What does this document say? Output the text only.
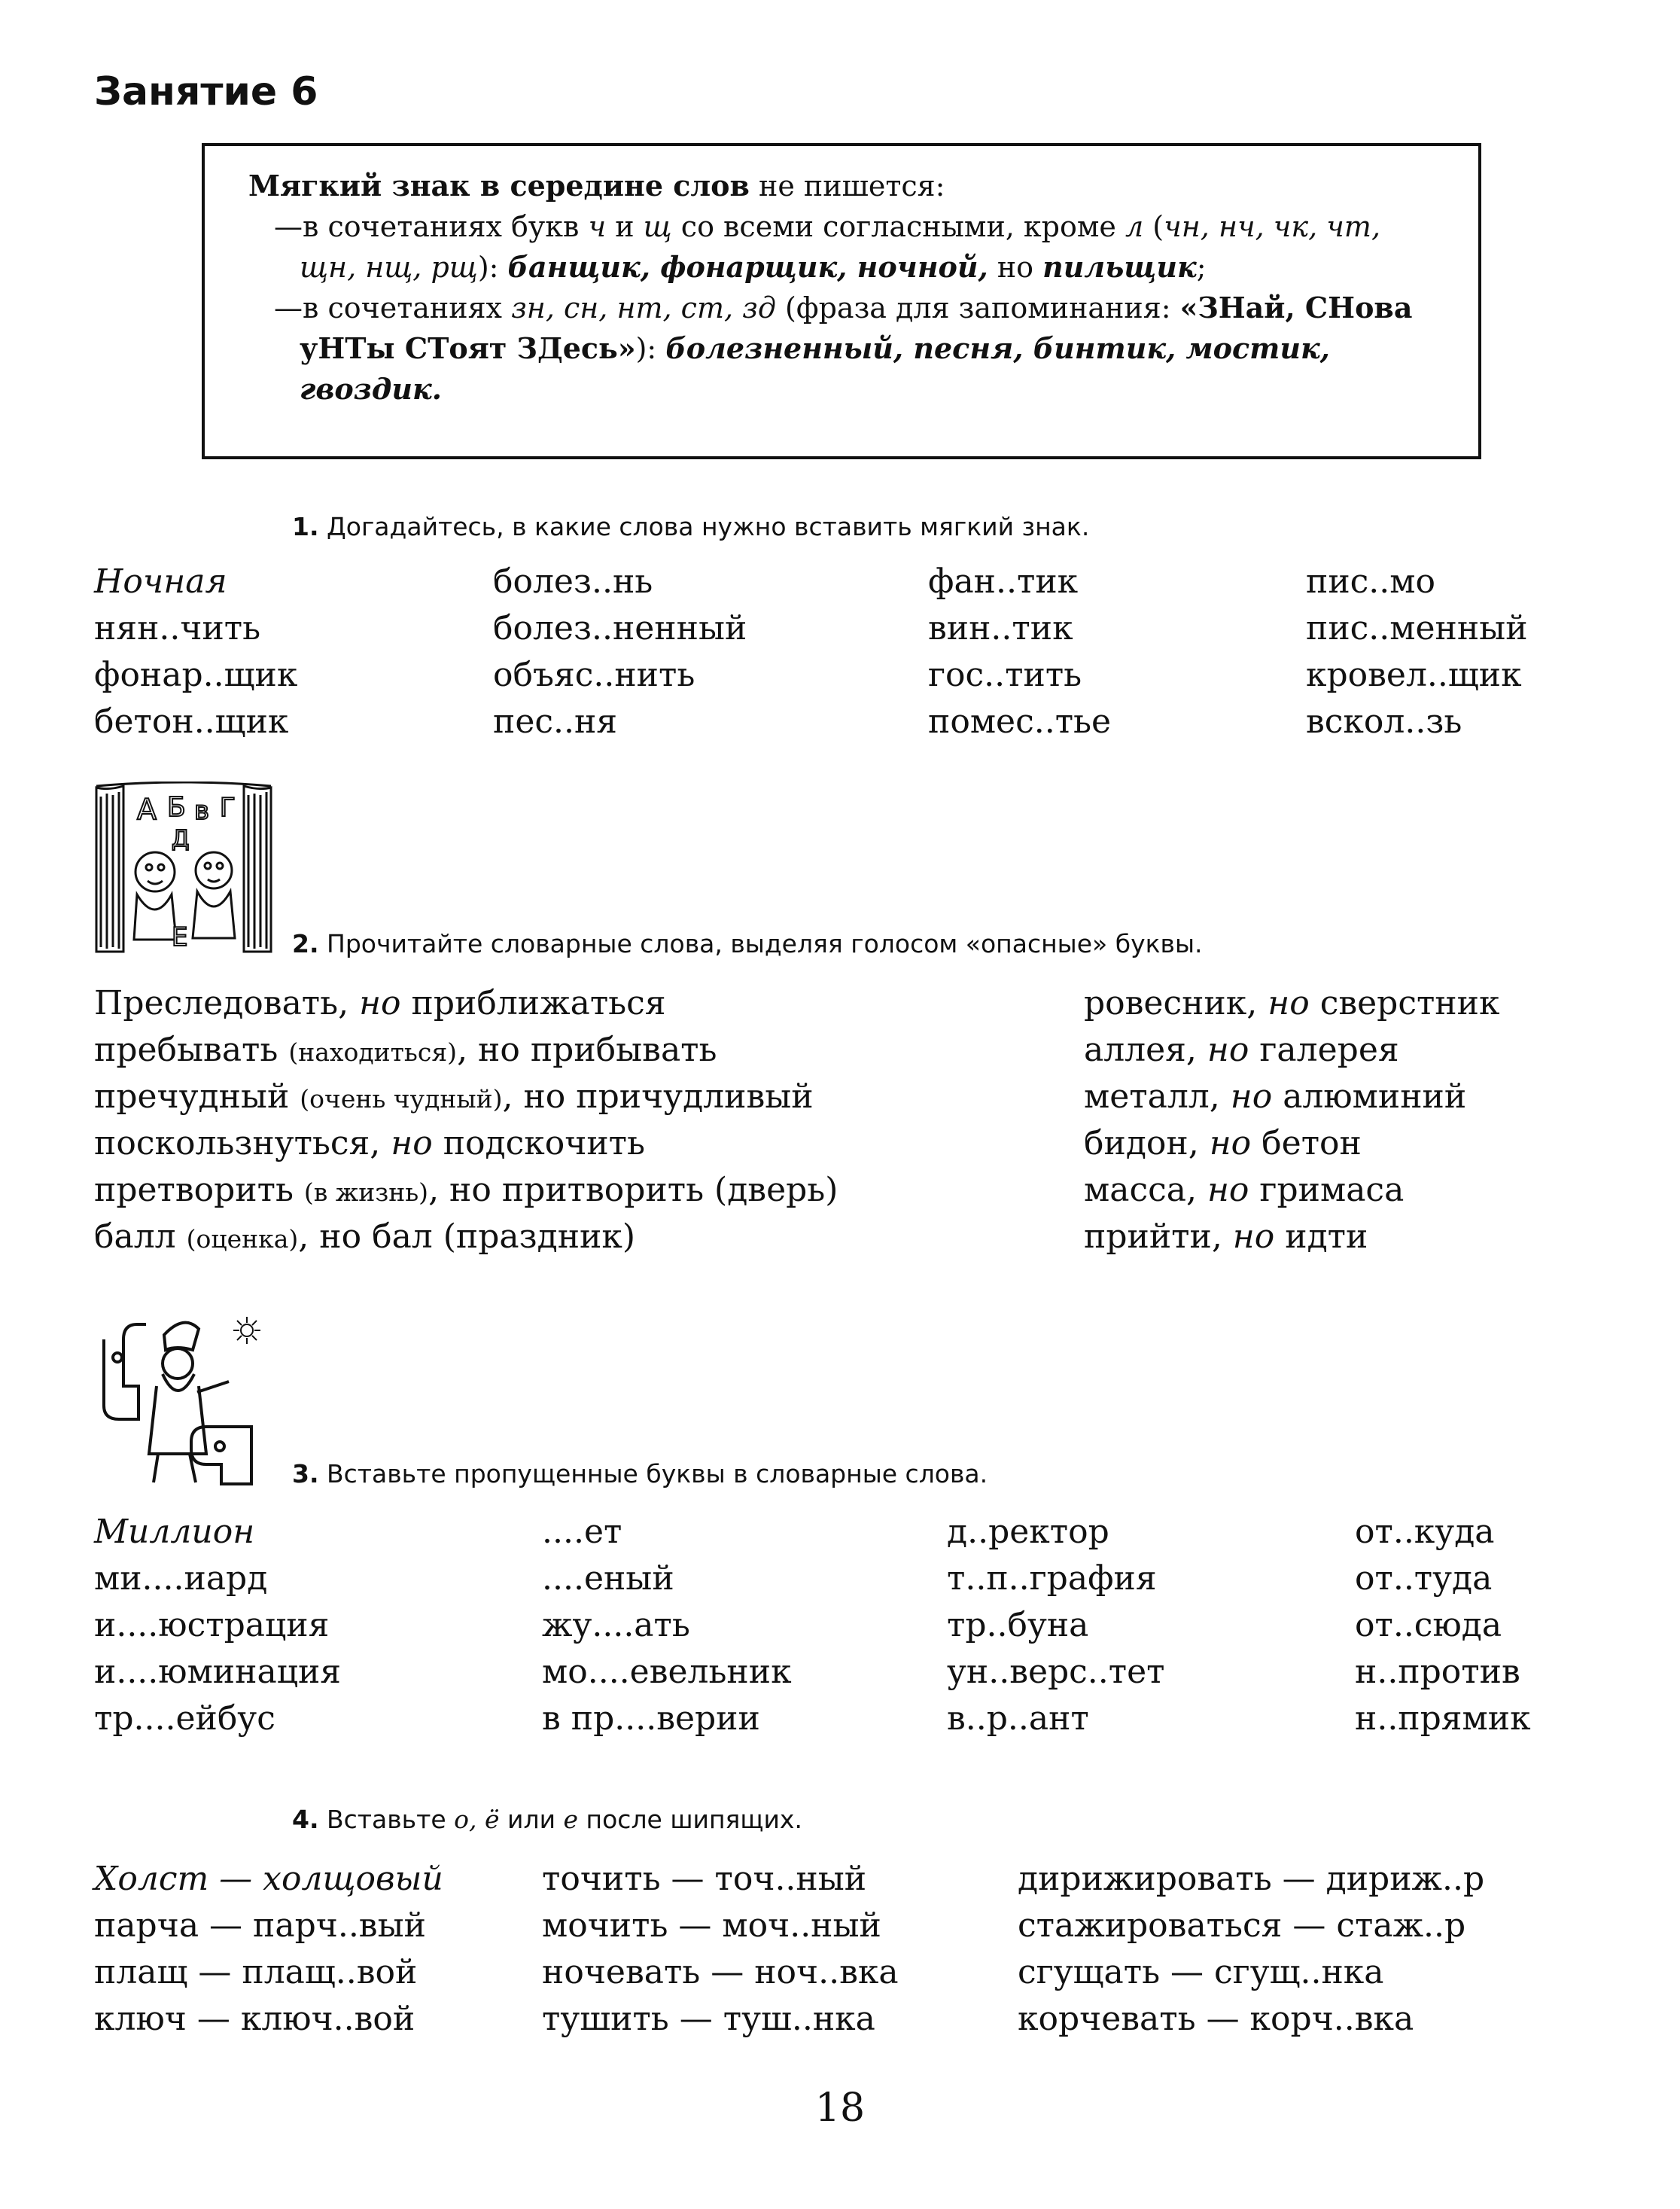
Занятие 6
Мягкий знак в середине слов не пишется:
—в сочетаниях букв ч и щ со всеми согласными, кроме л (чн, нч, чк, чт, щн, нщ, рщ): банщик, фонарщик, ночной, но пильщик;
—в сочетаниях зн, сн, нт, ст, зд (фраза для запоминания: «ЗНай, СНова уНТы СТоят ЗДесь»): болезненный, песня, бинтик, мостик, гвоздик.
1. Догадайтесь, в какие слова нужно вставить мягкий знак.
Ночная
нян..чить
фонар..щик
бетон..щик
болез..нь
болез..ненный
объяс..нить
пес..ня
фан..тик
вин..тик
гос..тить
помес..тье
пис..мо
пис..менный
кровел..щик
вскол..зь
А Б в Г
Д
Е	2. Прочитайте словарные слова, выделяя голосом «опасные» буквы.
Преследовать, но приближаться
пребывать (находиться), но прибывать
пречудный (очень чудный), но причудливый
поскользнуться, но подскочить
претворить (в жизнь), но притворить (дверь)
балл (оценка), но бал (праздник)
ровесник, но сверстник
аллея, но галерея
металл, но алюминий
бидон, но бетон
масса, но гримаса
прийти, но идти
3. Вставьте пропущенные буквы в словарные слова.
Миллион
ми....иард
и....юстрация
и....юминация
тр....ейбус
....ет
....еный
жу....ать
мо....евельник
в пр....верии
д..ректор
т..п..графия
тр..буна
ун..верс..тет
в..р..ант
от..куда
от..туда
от..сюда
н..против
н..прямик
4. Вставьте о, ё или е после шипящих.
Холст — холщовый
парча — парч..вый
плащ — плащ..вой
ключ — ключ..вой
точить — точ..ный
мочить — моч..ный
ночевать — ноч..вка
тушить — туш..нка
дирижировать — дириж..р
стажироваться — стаж..р
сгущать — сгущ..нка
корчевать — корч..вка
18
